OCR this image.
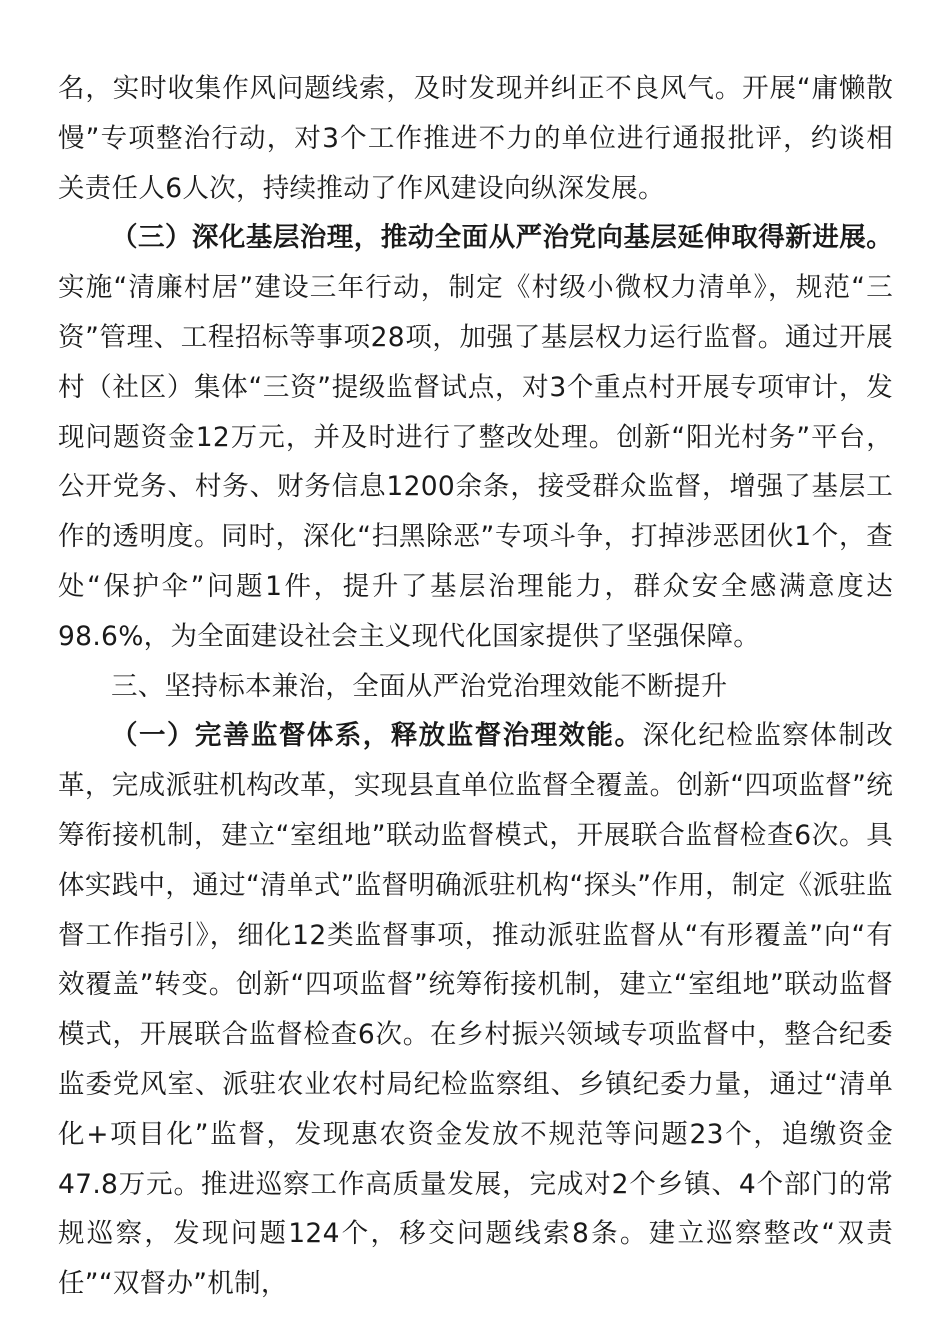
名，实时收集作风问题线索，及时发现并纠正不良风气。开展“庸懒散慢”专项整治行动，对3个工作推进不力的单位进行通报批评，约谈相关责任人6人次，持续推动了作风建设向纵深发展。

（三）深化基层治理，推动全面从严治党向基层延伸取得新进展。实施“清廉村居”建设三年行动，制定《村级小微权力清单》，规范“三资”管理、工程招标等事项28项，加强了基层权力运行监督。通过开展村（社区）集体“三资”提级监督试点，对3个重点村开展专项审计，发现问题资金12万元，并及时进行了整改处理。创新“阳光村务”平台，公开党务、村务、财务信息1200余条，接受群众监督，增强了基层工作的透明度。同时，深化“扫黑除恶”专项斗争，打掉涉恶团伙1个，查处“保护伞”问题1件，提升了基层治理能力，群众安全感满意度达98.6%，为全面建设社会主义现代化国家提供了坚强保障。

三、坚持标本兼治，全面从严治党治理效能不断提升

（一）完善监督体系，释放监督治理效能。深化纪检监察体制改革，完成派驻机构改革，实现县直单位监督全覆盖。创新“四项监督”统筹衔接机制，建立“室组地”联动监督模式，开展联合监督检查6次。具体实践中，通过“清单式”监督明确派驻机构“探头”作用，制定《派驻监督工作指引》，细化12类监督事项，推动派驻监督从“有形覆盖”向“有效覆盖”转变。创新“四项监督”统筹衔接机制，建立“室组地”联动监督模式，开展联合监督检查6次。在乡村振兴领域专项监督中，整合纪委监委党风室、派驻农业农村局纪检监察组、乡镇纪委力量，通过“清单化+项目化”监督，发现惠农资金发放不规范等问题23个，追缴资金47.8万元。推进巡察工作高质量发展，完成对2个乡镇、4个部门的常规巡察，发现问题124个，移交问题线索8条。建立巡察整改“双责任”“双督办”机制，
